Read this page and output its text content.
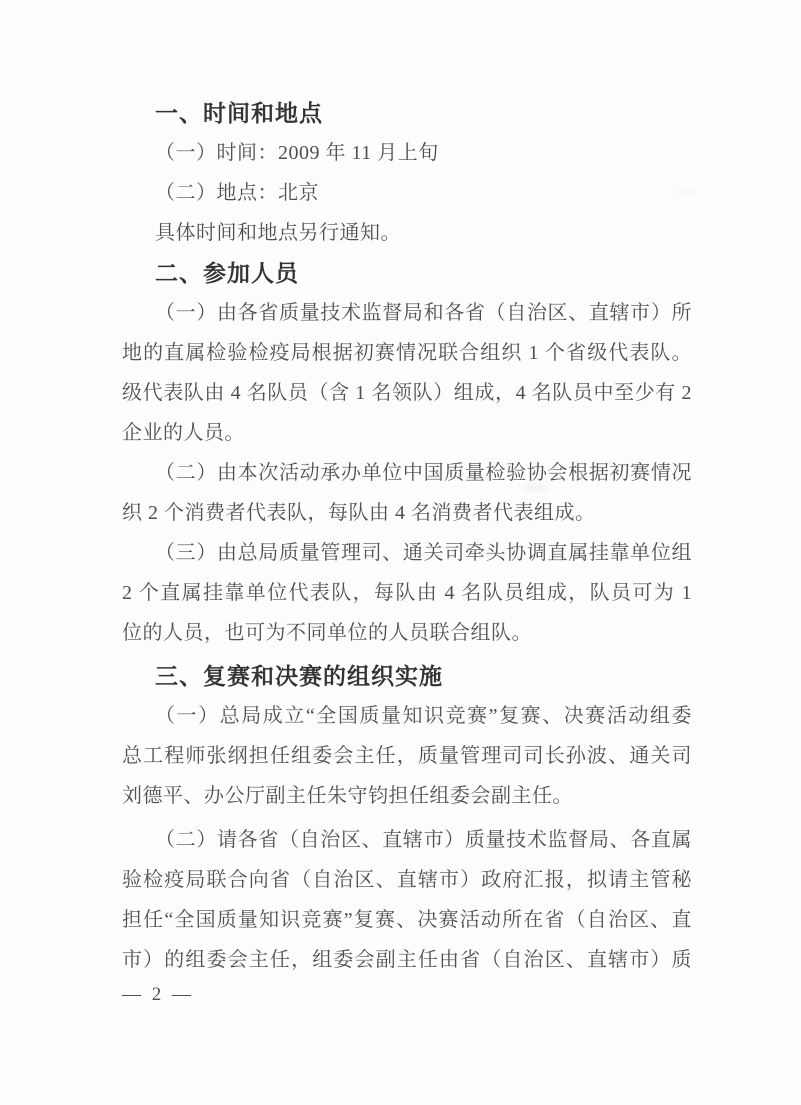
一、时间和地点
（一）时间：2009 年 11 月上旬
（二）地点：北京
具体时间和地点另行通知。
二、参加人员
（一）由各省质量技术监督局和各省（自治区、直辖市）所
地的直属检验检疫局根据初赛情况联合组织 1 个省级代表队。
级代表队由 4 名队员（含 1 名领队）组成，4 名队员中至少有 2
企业的人员。
（二）由本次活动承办单位中国质量检验协会根据初赛情况
织 2 个消费者代表队，每队由 4 名消费者代表组成。
（三）由总局质量管理司、通关司牵头协调直属挂靠单位组
2 个直属挂靠单位代表队，每队由 4 名队员组成，队员可为 1
位的人员，也可为不同单位的人员联合组队。
三、复赛和决赛的组织实施
（一）总局成立“全国质量知识竞赛”复赛、决赛活动组委
总工程师张纲担任组委会主任，质量管理司司长孙波、通关司
刘德平、办公厅副主任朱守钧担任组委会副主任。
（二）请各省（自治区、直辖市）质量技术监督局、各直属
验检疫局联合向省（自治区、直辖市）政府汇报，拟请主管秘
担任“全国质量知识竞赛”复赛、决赛活动所在省（自治区、直
市）的组委会主任，组委会副主任由省（自治区、直辖市）质
— 2 —
